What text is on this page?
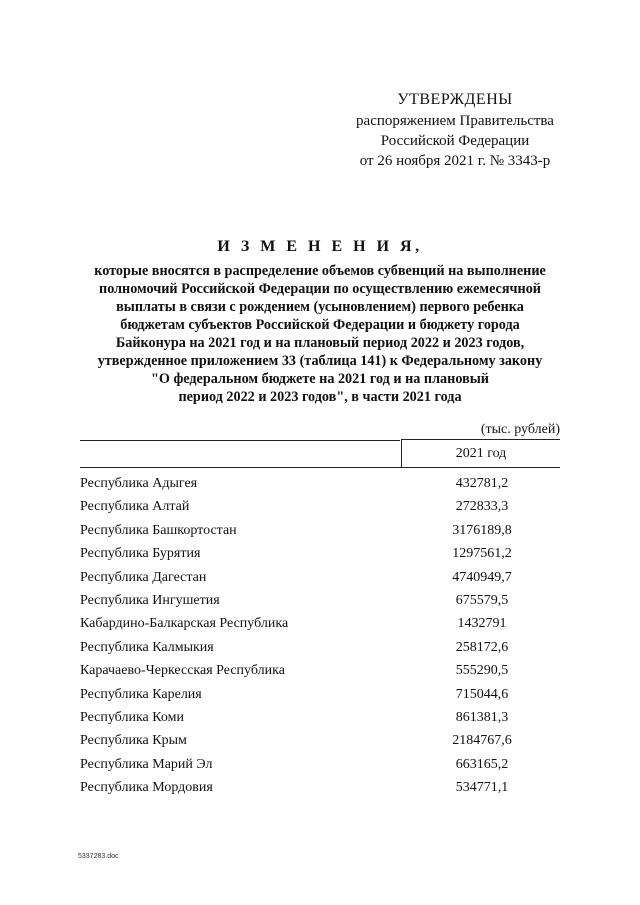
УТВЕРЖДЕНЫ
распоряжением Правительства
Российской Федерации
от 26 ноября 2021 г. № 3343-р
И З М Е Н Е Н И Я,
которые вносятся в распределение объемов субвенций на выполнение
полномочий Российской Федерации по осуществлению ежемесячной
выплаты в связи с рождением (усыновлением) первого ребенка
бюджетам субъектов Российской Федерации и бюджету города
Байконура на 2021 год и на плановый период 2022 и 2023 годов,
утвержденное приложением 33 (таблица 141) к Федеральному закону
"О федеральном бюджете на 2021 год и на плановый
период 2022 и 2023 годов", в части 2021 года
(тыс. рублей)
2021 год
Республика Адыгея	432781,2
Республика Алтай	272833,3
Республика Башкортостан	3176189,8
Республика Бурятия	1297561,2
Республика Дагестан	4740949,7
Республика Ингушетия	675579,5
Кабардино-Балкарская Республика	1432791
Республика Калмыкия	258172,6
Карачаево-Черкесская Республика	555290,5
Республика Карелия	715044,6
Республика Коми	861381,3
Республика Крым	2184767,6
Республика Марий Эл	663165,2
Республика Мордовия	534771,1
5337283.doc
